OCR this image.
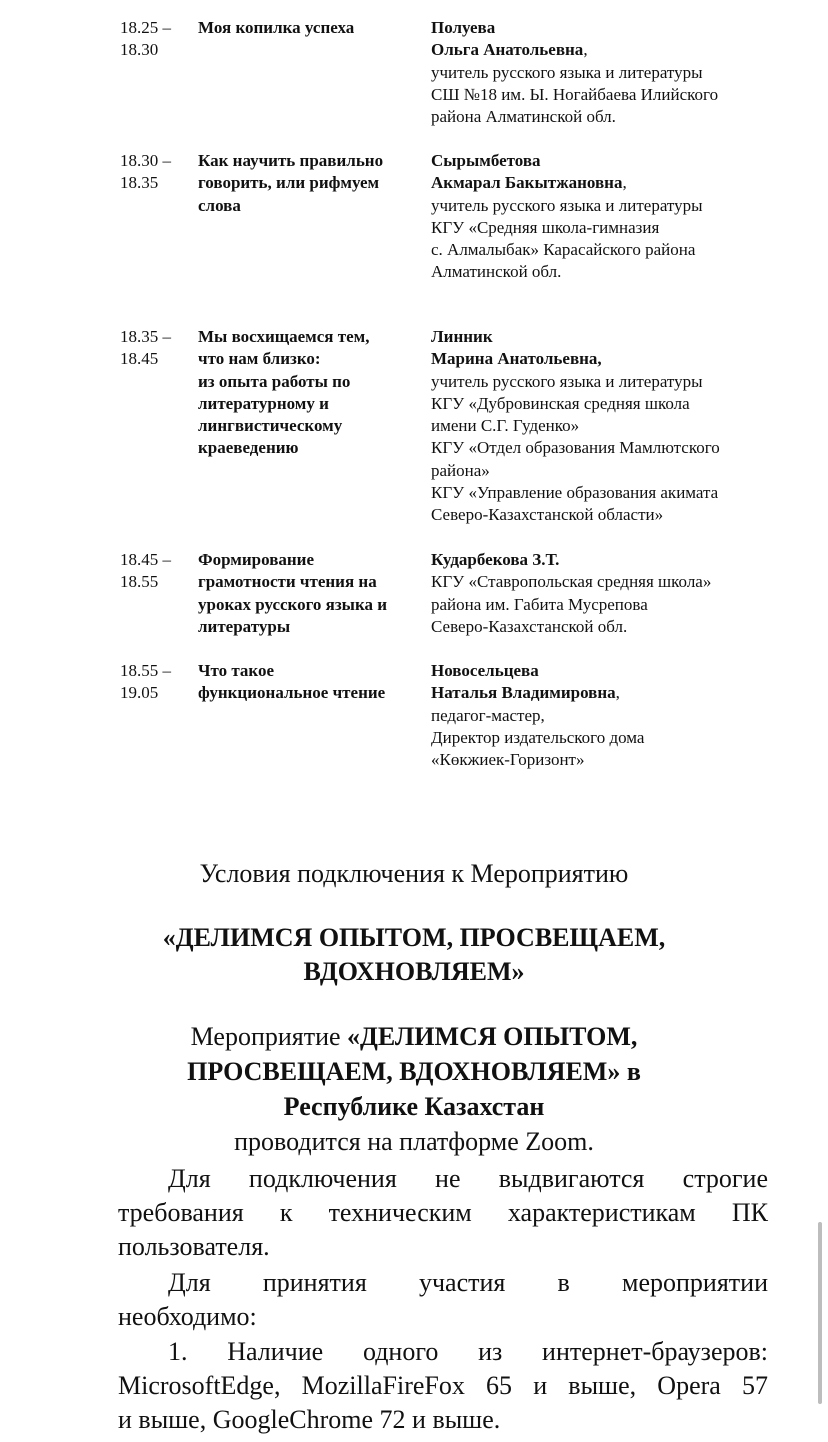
18.25 –
18.30
Моя копилка успеха	Полуева
Ольга Анатольевна,
учитель русского языка и литературы
СШ №18 им. Ы. Ногайбаева Илийского
района Алматинской обл.
18.30 –
18.35
Как научить правильно
говорить, или рифмуем
слова
Сырымбетова
Акмарал Бакытжановна,
учитель русского языка и литературы
КГУ «Средняя школа-гимназия
с. Алмалыбак» Карасайского района
Алматинской обл.
18.35 –
18.45
Мы восхищаемся тем,
что нам близко:
из опыта работы по
литературному и
лингвистическому
краеведению
Линник
Марина Анатольевна,
учитель русского языка и литературы
КГУ «Дубровинская средняя школа
имени С.Г. Гуденко»
КГУ «Отдел образования Мамлютского
района»
КГУ «Управление образования акимата
Северо-Казахстанской области»
18.45 –
18.55
Формирование
грамотности чтения на
уроках русского языка и
литературы
Кударбекова З.Т.
КГУ «Ставропольская средняя школа»
района им. Габита Мусрепова
Северо-Казахстанской обл.
18.55 –
19.05
Что такое
функциональное чтение
Новосельцева
Наталья Владимировна,
педагог-мастер,
Директор издательского дома
«Көкжиек-Горизонт»
Условия подключения к Мероприятию
«ДЕЛИМСЯ ОПЫТОМ, ПРОСВЕЩАЕМ,
ВДОХНОВЛЯЕМ»
Мероприятие «ДЕЛИМСЯ ОПЫТОМ,
ПРОСВЕЩАЕМ, ВДОХНОВЛЯЕМ» в
Республике Казахстан
проводится на платформе Zoom.
Для подключения не выдвигаются строгие
требования к техническим характеристикам ПК
пользователя.
Для принятия участия в мероприятии
необходимо:
1. Наличие одного из интернет-браузеров:
MicrosoftEdge, MozillaFireFox 65 и выше, Opera 57
и выше, GoogleChrome 72 и выше.
